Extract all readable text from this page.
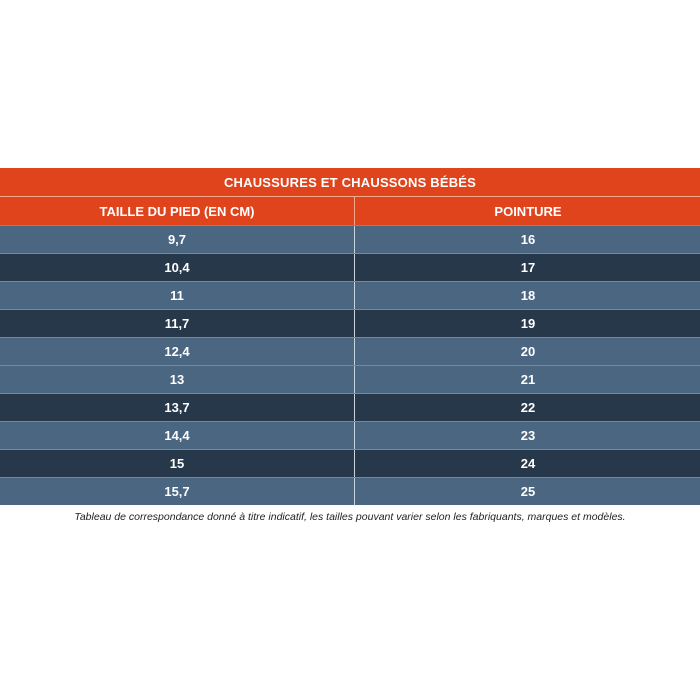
CHAUSSURES ET CHAUSSONS BÉBÉS
TAILLE DU PIED (EN CM)	POINTURE
9,7	16
10,4	17
11	18
11,7	19
12,4	20
13	21
13,7	22
14,4	23
15	24
15,7	25
Tableau de correspondance donné à titre indicatif, les tailles pouvant varier selon les fabriquants, marques et modèles.
